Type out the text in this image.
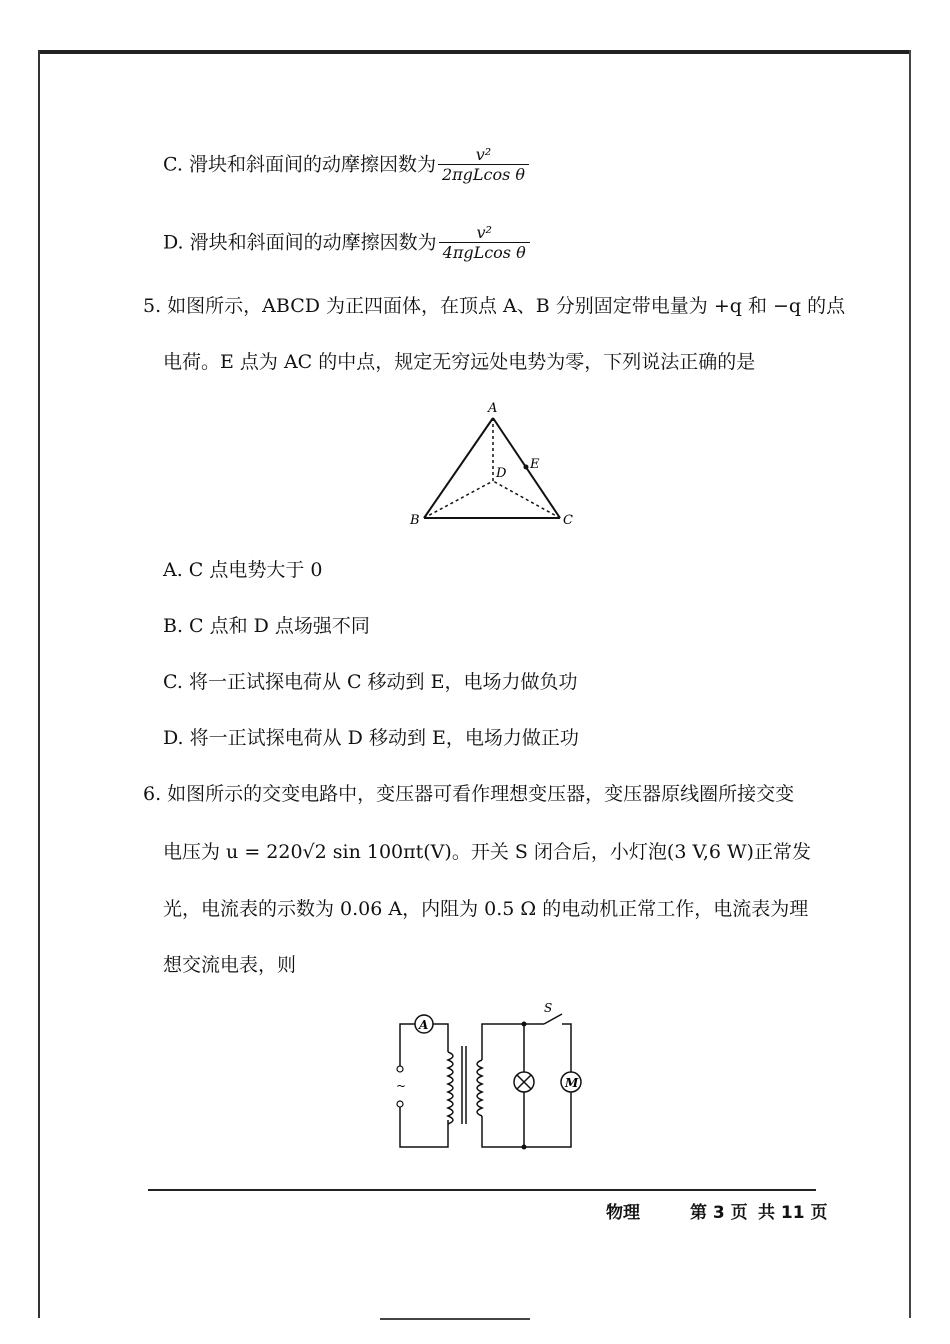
C. 滑块和斜面间的动摩擦因数为 $\frac{\text{v²}}{\text{2πgLcos θ}}$
D. 滑块和斜面间的动摩擦因数为 $\frac{\text{v²}}{\text{4πgLcos θ}}$
5. 如图所示，ABCD 为正四面体，在顶点 A、B 分别固定带电量为 +q 和 −q 的点
电荷。E 点为 AC 的中点，规定无穷远处电势为零，下列说法正确的是
A
B	C
D
E
A. C 点电势大于 0
B. C 点和 D 点场强不同
C. 将一正试探电荷从 C 移动到 E，电场力做负功
D. 将一正试探电荷从 D 移动到 E，电场力做正功
6. 如图所示的交变电路中，变压器可看作理想变压器，变压器原线圈所接交变
电压为 u = 220√2 sin 100πt(V)。开关 S 闭合后，小灯泡(3 V,6 W)正常发
光，电流表的示数为 0.06 A，内阻为 0.5 Ω 的电动机正常工作，电流表为理
想交流电表，则
A
~
S
M
物理	第 3 页 共 11 页
